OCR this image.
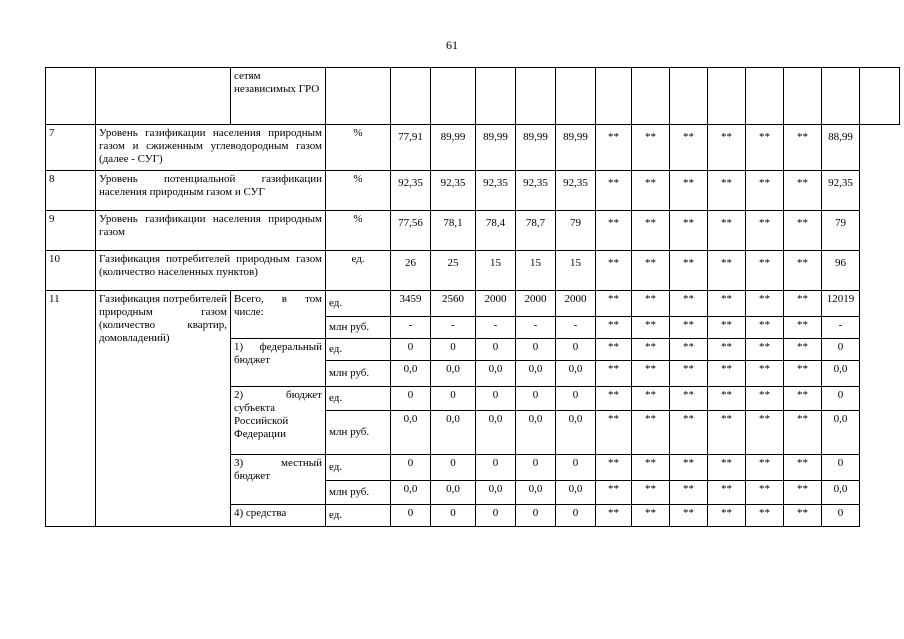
61
		сетям независимых ГРО														
7	Уровень газификации населения природным газом и сжиженным углеводородным газом (далее - СУГ)		%	77,91	89,99	89,99	89,99	89,99	**	**	**	**	**	**	88,99	
8	Уровень потенциальной газификации населения природным газом и СУГ		%	92,35	92,35	92,35	92,35	92,35	**	**	**	**	**	**	92,35	
9	Уровень газификации населения природным газом		%	77,56	78,1	78,4	78,7	79	**	**	**	**	**	**	79	
10	Газификация потребителей природным газом (количество населенных пунктов)		ед.	26	25	15	15	15	**	**	**	**	**	**	96	
11	Газификация потребителей природным газом (количество квартир, домовладений)	Всего, в том числе:	ед.	3459	2560	2000	2000	2000	**	**	**	**	**	**	12019	
			млн руб.	-	-	-	-	-	**	**	**	**	**	**	-	
		1) федеральный бюджет	ед.	0	0	0	0	0	**	**	**	**	**	**	0	
			млн руб.	0,0	0,0	0,0	0,0	0,0	**	**	**	**	**	**	0,0	
		2) бюджет субъекта Российской Федерации	ед.	0	0	0	0	0	**	**	**	**	**	**	0	
			млн руб.	0,0	0,0	0,0	0,0	0,0	**	**	**	**	**	**	0,0	
		3) местный бюджет	ед.	0	0	0	0	0	**	**	**	**	**	**	0	
			млн руб.	0,0	0,0	0,0	0,0	0,0	**	**	**	**	**	**	0,0	
		4) средства	ед.	0	0	0	0	0	**	**	**	**	**	**	0	
